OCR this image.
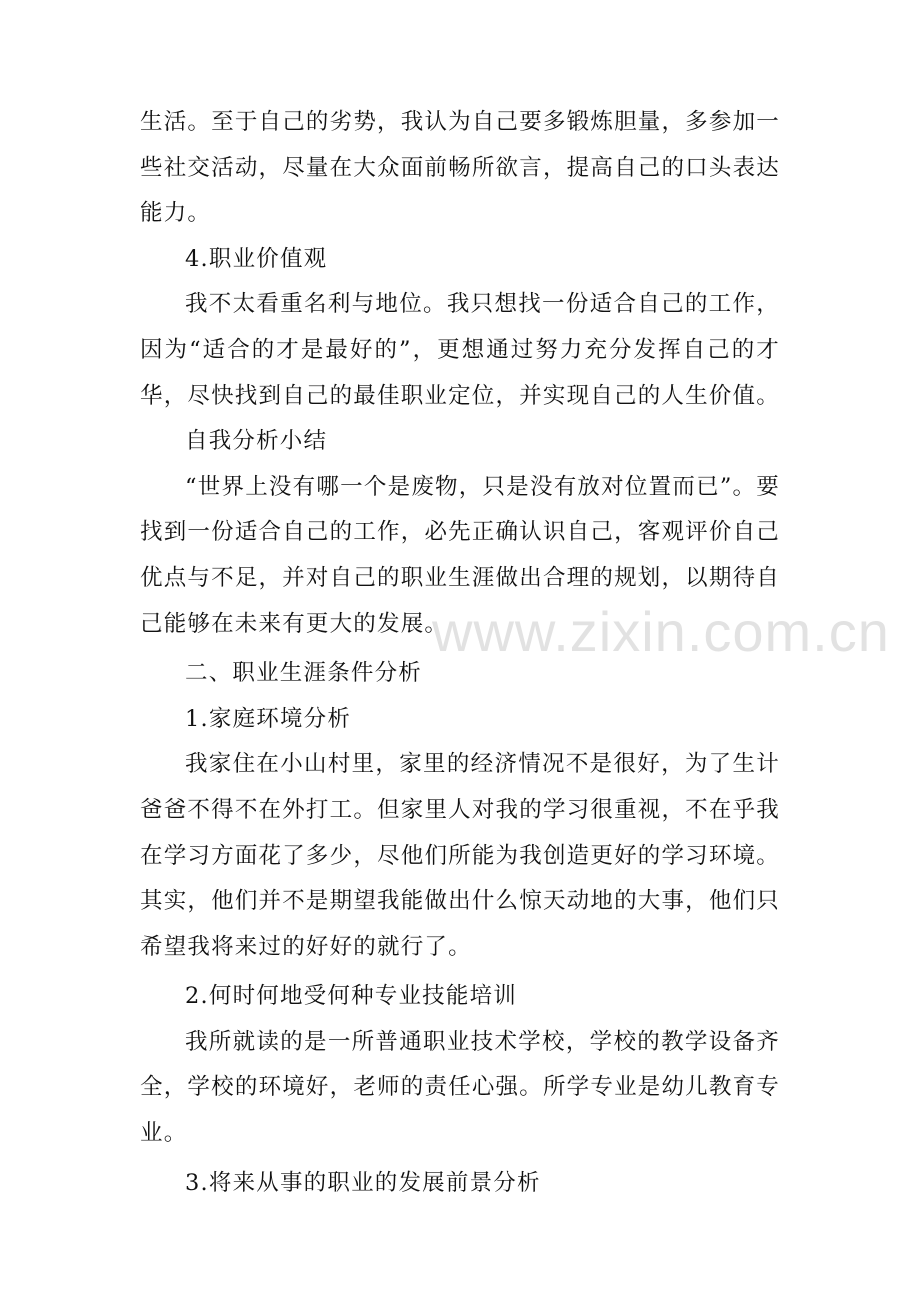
生活。至于自己的劣势，我认为自己要多锻炼胆量，多参加一些社交活动，尽量在大众面前畅所欲言，提高自己的口头表达能力。

4.职业价值观

我不太看重名利与地位。我只想找一份适合自己的工作，因为“适合的才是最好的”，更想通过努力充分发挥自己的才华，尽快找到自己的最佳职业定位，并实现自己的人生价值。

自我分析小结

“世界上没有哪一个是废物，只是没有放对位置而已”。要找到一份适合自己的工作，必先正确认识自己，客观评价自己优点与不足，并对自己的职业生涯做出合理的规划，以期待自己能够在未来有更大的发展。

二、职业生涯条件分析

1.家庭环境分析

我家住在小山村里，家里的经济情况不是很好，为了生计爸爸不得不在外打工。但家里人对我的学习很重视，不在乎我在学习方面花了多少，尽他们所能为我创造更好的学习环境。其实，他们并不是期望我能做出什么惊天动地的大事，他们只希望我将来过的好好的就行了。

2.何时何地受何种专业技能培训

我所就读的是一所普通职业技术学校，学校的教学设备齐全，学校的环境好，老师的责任心强。所学专业是幼儿教育专业。

3.将来从事的职业的发展前景分析

www.zixin.com.cn
